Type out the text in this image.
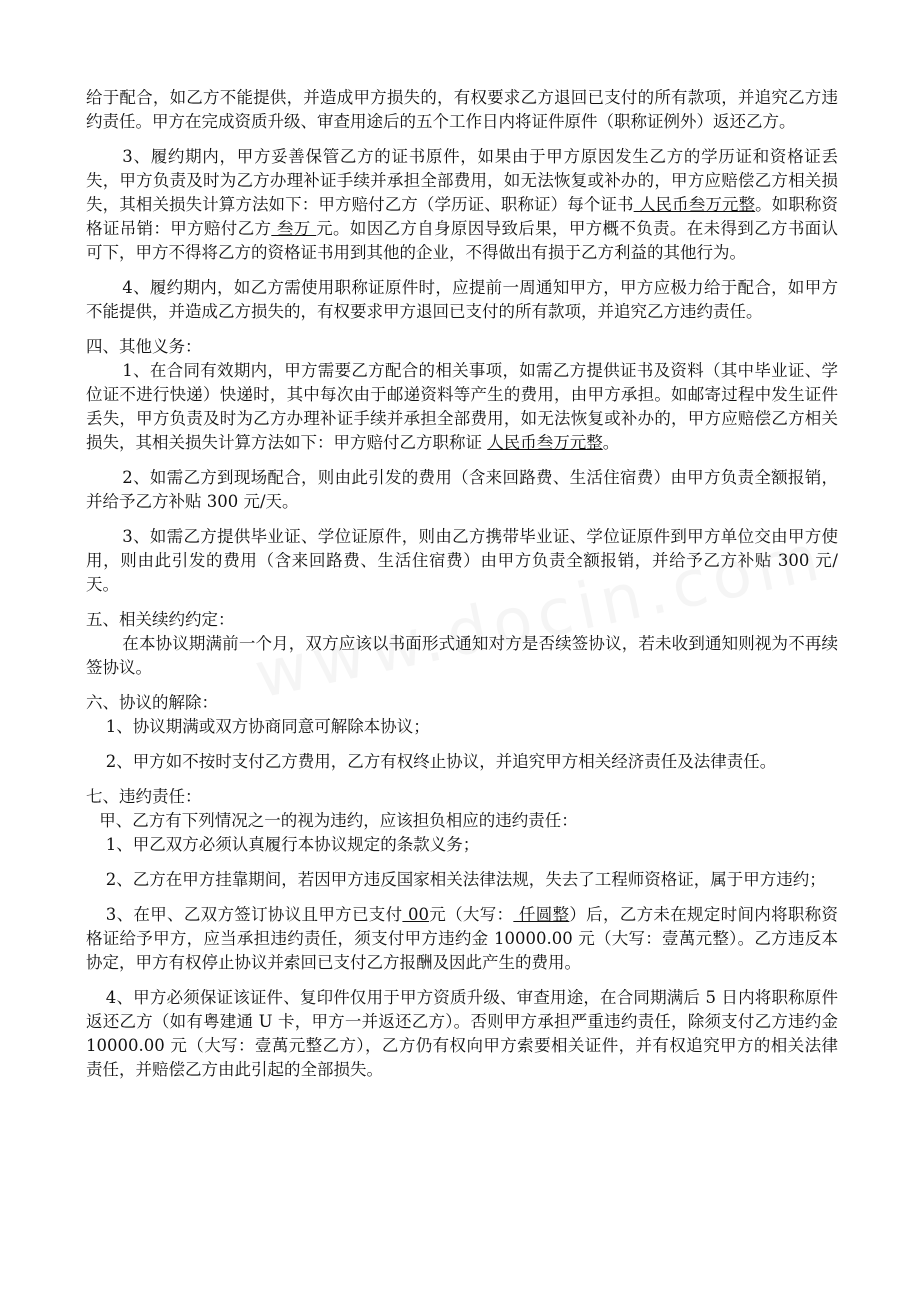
给于配合，如乙方不能提供，并造成甲方损失的，有权要求乙方退回已支付的所有款项，并追究乙方违约责任。甲方在完成资质升级、审查用途后的五个工作日内将证件原件（职称证例外）返还乙方。

3、履约期内，甲方妥善保管乙方的证书原件，如果由于甲方原因发生乙方的学历证和资格证丢失，甲方负责及时为乙方办理补证手续并承担全部费用，如无法恢复或补办的，甲方应赔偿乙方相关损失，其相关损失计算方法如下：甲方赔付乙方（学历证、职称证）每个证书 人民币叁万元整。如职称资格证吊销：甲方赔付乙方 叁万 元。如因乙方自身原因导致后果，甲方概不负责。在未得到乙方书面认可下，甲方不得将乙方的资格证书用到其他的企业，不得做出有损于乙方利益的其他行为。

4、履约期内，如乙方需使用职称证原件时，应提前一周通知甲方，甲方应极力给于配合，如甲方不能提供，并造成乙方损失的，有权要求甲方退回已支付的所有款项，并追究乙方违约责任。

四、其他义务：

1、在合同有效期内，甲方需要乙方配合的相关事项，如需乙方提供证书及资料（其中毕业证、学位证不进行快递）快递时，其中每次由于邮递资料等产生的费用，由甲方承担。如邮寄过程中发生证件丢失，甲方负责及时为乙方办理补证手续并承担全部费用，如无法恢复或补办的，甲方应赔偿乙方相关损失，其相关损失计算方法如下：甲方赔付乙方职称证 人民币叁万元整。

2、如需乙方到现场配合，则由此引发的费用（含来回路费、生活住宿费）由甲方负责全额报销，并给予乙方补贴 300 元/天。

3、如需乙方提供毕业证、学位证原件，则由乙方携带毕业证、学位证原件到甲方单位交由甲方使用，则由此引发的费用（含来回路费、生活住宿费）由甲方负责全额报销，并给予乙方补贴 300 元/天。

五、相关续约约定：

在本协议期满前一个月，双方应该以书面形式通知对方是否续签协议，若未收到通知则视为不再续签协议。

六、协议的解除：

1、协议期满或双方协商同意可解除本协议；

2、甲方如不按时支付乙方费用，乙方有权终止协议，并追究甲方相关经济责任及法律责任。

七、违约责任：

甲、乙方有下列情况之一的视为违约，应该担负相应的违约责任：

1、甲乙双方必须认真履行本协议规定的条款义务；

2、乙方在甲方挂靠期间，若因甲方违反国家相关法律法规，失去了工程师资格证，属于甲方违约；

3、在甲、乙双方签订协议且甲方已支付 00元（大写： 仟圆整）后，乙方未在规定时间内将职称资格证给予甲方，应当承担违约责任，须支付甲方违约金 10000.00 元（大写：壹萬元整）。乙方违反本协定，甲方有权停止协议并索回已支付乙方报酬及因此产生的费用。

4、甲方必须保证该证件、复印件仅用于甲方资质升级、审查用途，在合同期满后 5 日内将职称原件返还乙方（如有粤建通 U 卡，甲方一并返还乙方）。否则甲方承担严重违约责任，除须支付乙方违约金 10000.00 元（大写：壹萬元整乙方），乙方仍有权向甲方索要相关证件，并有权追究甲方的相关法律责任，并赔偿乙方由此引起的全部损失。
